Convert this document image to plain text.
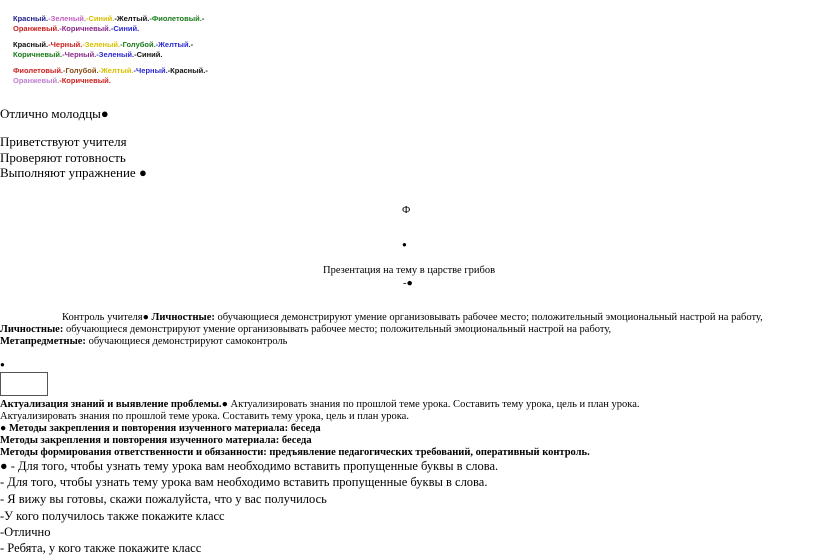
Красный.-Зеленый.-Синий.-Желтый.-Фиолетовый.-
Оранжевый.-Коричневый.-Синий.
Красный.-Черный.-Зеленый.-Голубой.-Желтый.-
Коричневый.-Черный.-Зеленый.-Синий.
Фиолетовый.-Голубой.-Желтый.-Черный.-Красный.-
Оранжевый.-Коричневый.
Отлично молодцы●
Приветствуют учителя
Проверяют готовность
Выполняют упражнение ●
Ф
●
Презентация на тему в царстве грибов
-●
Контроль учителя● Личностные: обучающиеся демонстрируют умение организовывать рабочее место; положительный эмоциональный настрой на работу,
Личностные: обучающиеся демонстрируют умение организовывать рабочее место; положительный эмоциональный настрой на работу,
Метапредметные: обучающиеся демонстрируют самоконтроль
●
Актуализация знаний и выявление проблемы.● Актуализировать знания по прошлой теме урока. Составить тему урока, цель и план урока.
Актуализировать знания по прошлой теме урока. Составить тему урока, цель и план урока.
● Методы закрепления и повторения изученного материала: беседа
Методы закрепления и повторения изученного материала: беседа
Методы формирования ответственности и обязанности: предъявление педагогических требований, оперативный контроль.
● - Для того, чтобы узнать тему урока вам необходимо вставить пропущенные буквы в слова.
- Для того, чтобы узнать тему урока вам необходимо вставить пропущенные буквы в слова.
- Я вижу вы готовы, скажи пожалуйста, что у вас получилось
-У кого получилось также покажите класс
-Отлично
- Ребята, у кого также покажите класс
